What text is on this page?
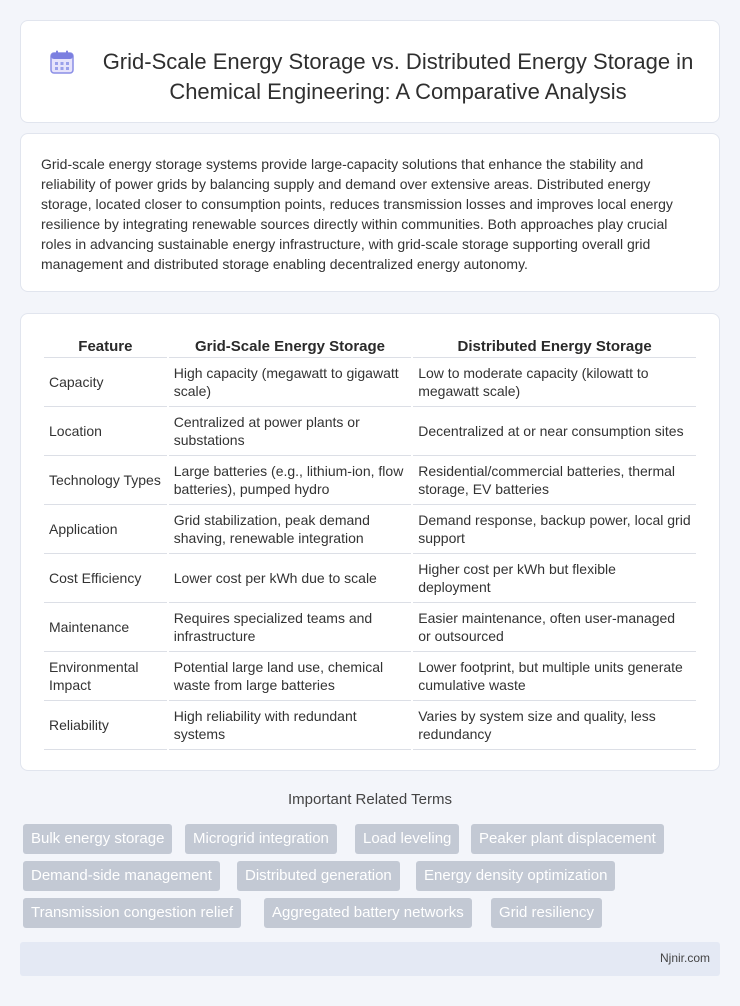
Grid-Scale Energy Storage vs. Distributed Energy Storage in Chemical Engineering: A Comparative Analysis

Grid-scale energy storage systems provide large-capacity solutions that enhance the stability and reliability of power grids by balancing supply and demand over extensive areas. Distributed energy storage, located closer to consumption points, reduces transmission losses and improves local energy resilience by integrating renewable sources directly within communities. Both approaches play crucial roles in advancing sustainable energy infrastructure, with grid-scale storage supporting overall grid management and distributed storage enabling decentralized energy autonomy.

Feature	Grid-Scale Energy Storage	Distributed Energy Storage
Capacity	High capacity (megawatt to gigawatt scale)	Low to moderate capacity (kilowatt to megawatt scale)
Location	Centralized at power plants or substations	Decentralized at or near consumption sites
Technology Types	Large batteries (e.g., lithium-ion, flow batteries), pumped hydro	Residential/commercial batteries, thermal storage, EV batteries
Application	Grid stabilization, peak demand shaving, renewable integration	Demand response, backup power, local grid support
Cost Efficiency	Lower cost per kWh due to scale	Higher cost per kWh but flexible deployment
Maintenance	Requires specialized teams and infrastructure	Easier maintenance, often user-managed or outsourced
Environmental Impact	Potential large land use, chemical waste from large batteries	Lower footprint, but multiple units generate cumulative waste
Reliability	High reliability with redundant systems	Varies by system size and quality, less redundancy
Important Related Terms
Bulk energy storage	Microgrid integration	Load leveling	Peaker plant displacement
Demand-side management	Distributed generation	Energy density optimization
Transmission congestion relief	Aggregated battery networks	Grid resiliency
Njnir.com
